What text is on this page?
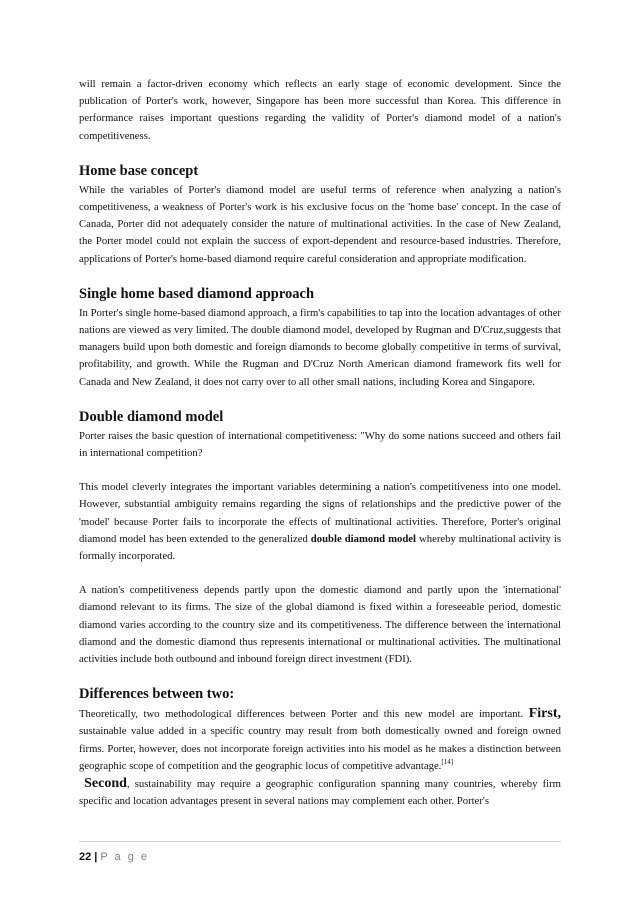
will remain a factor-driven economy which reflects an early stage of economic development. Since the publication of Porter's work, however, Singapore has been more successful than Korea. This difference in performance raises important questions regarding the validity of Porter's diamond model of a nation's competitiveness.

Home base concept

While the variables of Porter's diamond model are useful terms of reference when analyzing a nation's competitiveness, a weakness of Porter's work is his exclusive focus on the 'home base' concept. In the case of Canada, Porter did not adequately consider the nature of multinational activities. In the case of New Zealand, the Porter model could not explain the success of export-dependent and resource-based industries. Therefore, applications of Porter's home-based diamond require careful consideration and appropriate modification.

Single home based diamond approach

In Porter's single home-based diamond approach, a firm's capabilities to tap into the location advantages of other nations are viewed as very limited. The double diamond model, developed by Rugman and D'Cruz,suggests that managers build upon both domestic and foreign diamonds to become globally competitive in terms of survival, profitability, and growth. While the Rugman and D'Cruz North American diamond framework fits well for Canada and New Zealand, it does not carry over to all other small nations, including Korea and Singapore.

Double diamond model

Porter raises the basic question of international competitiveness: "Why do some nations succeed and others fail in international competition?

This model cleverly integrates the important variables determining a nation's competitiveness into one model. However, substantial ambiguity remains regarding the signs of relationships and the predictive power of the 'model' because Porter fails to incorporate the effects of multinational activities. Therefore, Porter's original diamond model has been extended to the generalized double diamond model whereby multinational activity is formally incorporated.

A nation's competitiveness depends partly upon the domestic diamond and partly upon the 'international' diamond relevant to its firms. The size of the global diamond is fixed within a foreseeable period, domestic diamond varies according to the country size and its competitiveness. The difference between the international diamond and the domestic diamond thus represents international or multinational activities. The multinational activities include both outbound and inbound foreign direct investment (FDI).

Differences between two:

Theoretically, two methodological differences between Porter and this new model are important. First, sustainable value added in a specific country may result from both domestically owned and foreign owned firms. Porter, however, does not incorporate foreign activities into his model as he makes a distinction between geographic scope of competition and the geographic locus of competitive advantage.[14]

Second, sustainability may require a geographic configuration spanning many countries, whereby firm specific and location advantages present in several nations may complement each other. Porter's

22 | P a g e
